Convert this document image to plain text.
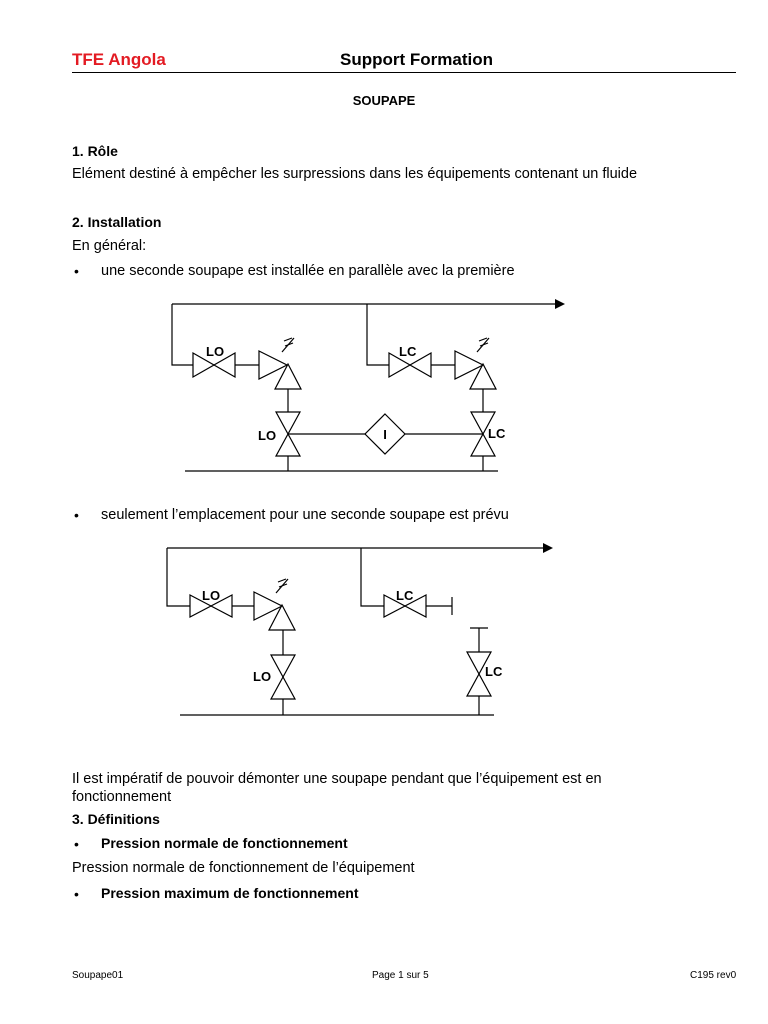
TFE Angola	Support Formation
SOUPAPE
1. Rôle
Elément destiné à empêcher les surpressions dans les équipements contenant un fluide
2. Installation
En général:
• une seconde soupape est installée en parallèle avec la première
LO	LC
LO	LC
I
• seulement l’emplacement pour une seconde soupape est prévu
LO	LC
LO	LC
Il est impératif de pouvoir démonter une soupape pendant que l’équipement est en
fonctionnement
3. Définitions
• Pression normale de fonctionnement
Pression normale de fonctionnement de l’équipement
• Pression maximum de fonctionnement
Soupape01	Page 1 sur 5	C195 rev0
